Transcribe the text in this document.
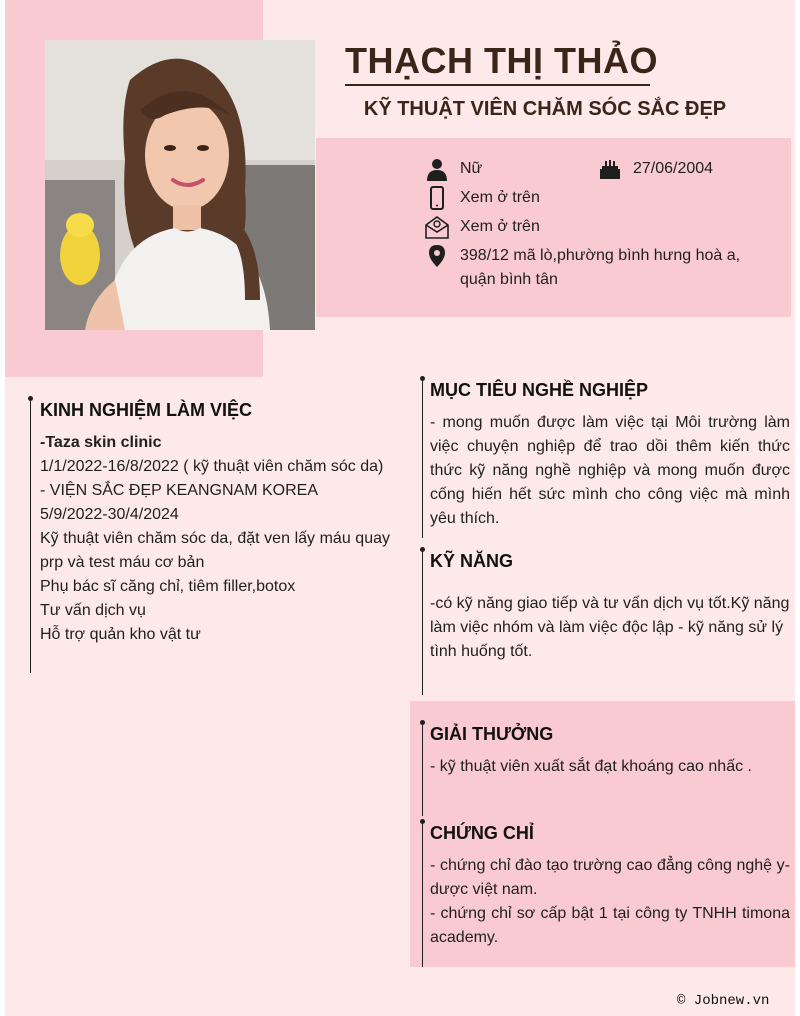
THẠCH THỊ THẢO
KỸ THUẬT VIÊN CHĂM SÓC SẮC ĐẸP
Nữ	27/06/2004
Xem ở trên
Xem ở trên
398/12 mã lò,phường bình hưng hoà a, quận bình tân
KINH NGHIỆM LÀM VIỆC
-Taza skin clinic
1/1/2022-16/8/2022 ( kỹ thuật viên chăm sóc da)
- VIỆN SẮC ĐẸP KEANGNAM KOREA
5/9/2022-30/4/2024
Kỹ thuật viên chăm sóc da, đặt ven lấy máu quay prp và test máu cơ bản
Phụ bác sĩ căng chỉ, tiêm filler,botox
Tư vấn dịch vụ
Hỗ trợ quản kho vật tư
MỤC TIÊU NGHỀ NGHIỆP
- mong muốn được làm việc tại Môi trường làm việc chuyện nghiệp để trao dồi thêm kiến thức thức kỹ năng nghề nghiệp và mong muốn được cống hiến hết sức mình cho công việc mà mình yêu thích.
KỸ NĂNG
-có kỹ năng giao tiếp và tư vấn dịch vụ tốt.Kỹ năng làm việc nhóm và làm việc độc lập - kỹ năng sử lý tình huống tốt.
GIẢI THƯỞNG
- kỹ thuật viên xuất sắt đạt khoáng cao nhấc .
CHỨNG CHỈ
- chứng chỉ đào tạo trường cao đẳng công nghệ y-dược việt nam.
- chứng chỉ sơ cấp bật 1 tại công ty TNHH timona academy.
© Jobnew.vn
